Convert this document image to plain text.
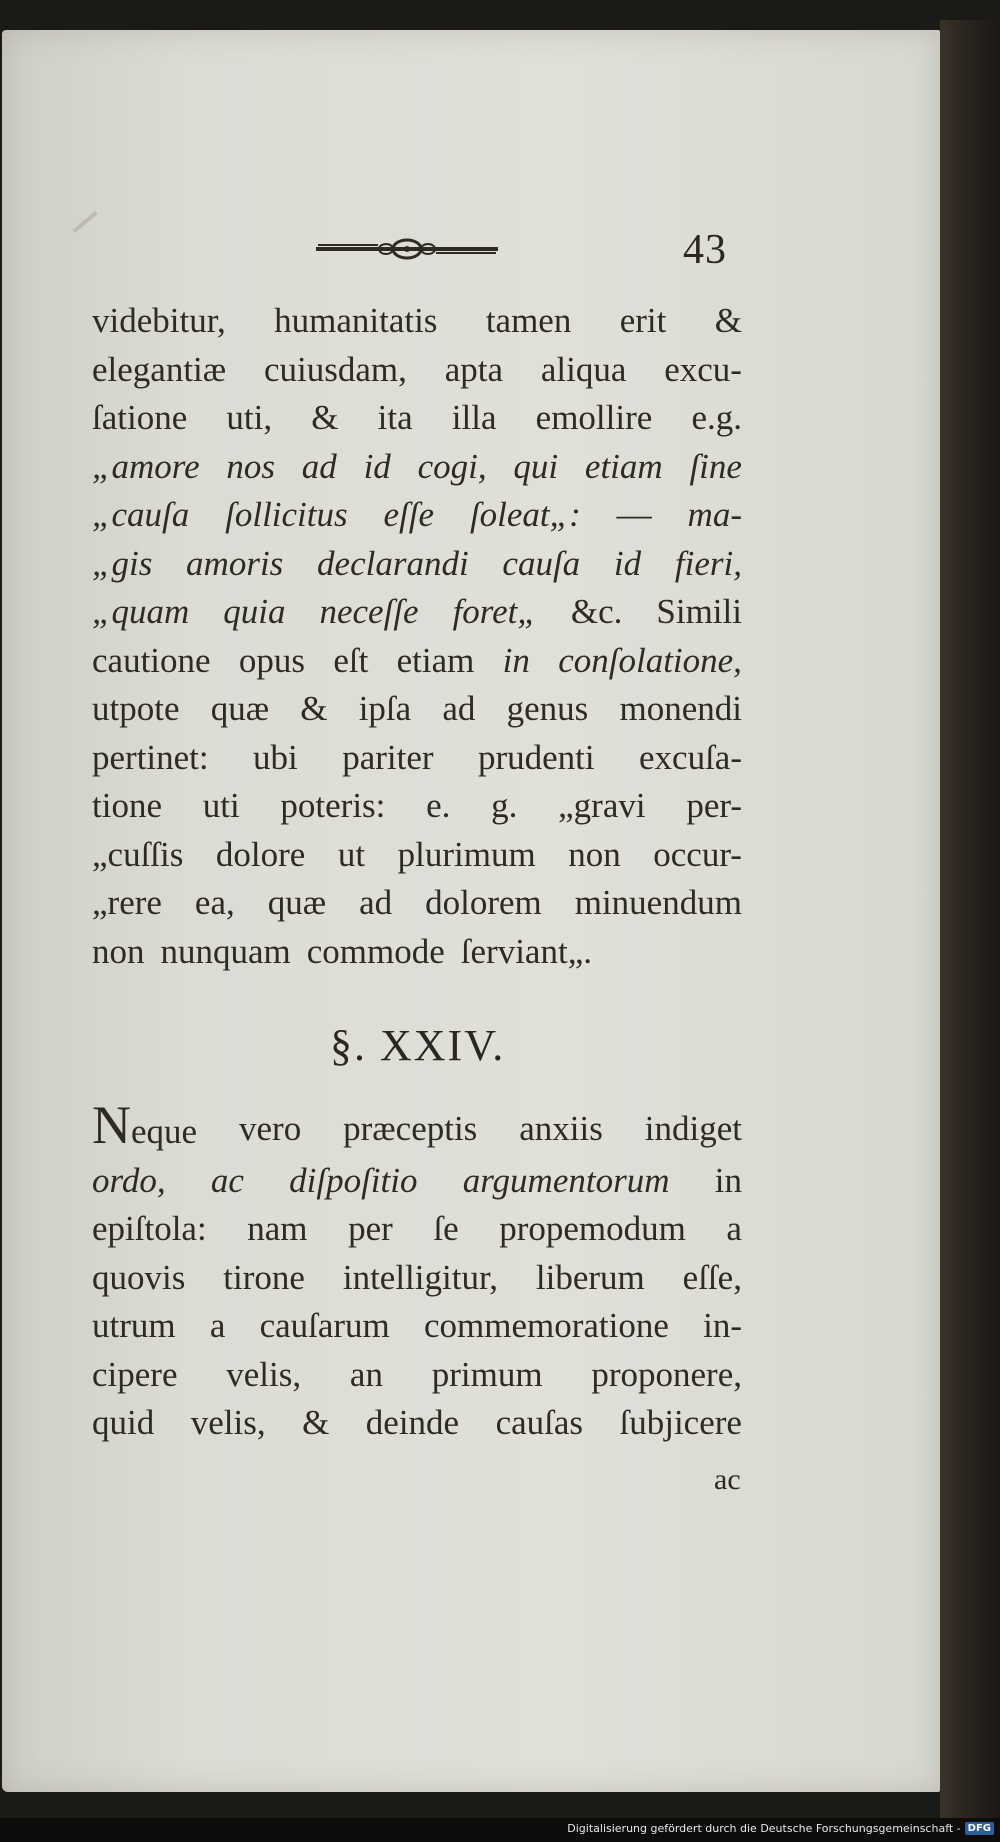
43
videbitur, humanitatis tamen erit &
elegantiæ cuiusdam, apta aliqua excu-
ſatione uti, & ita illa emollire e.g.
„amore nos ad id cogi, qui etiam ſine
„cauſa ſollicitus eſſe ſoleat„: — ma-
„gis amoris declarandi cauſa id fieri,
„quam quia neceſſe foret„ &c. Simili
cautione opus eſt etiam in conſolatione,
utpote quæ & ipſa ad genus monendi
pertinet: ubi pariter prudenti excuſa-
tione uti poteris: e. g. „gravi per-
„cuſſis dolore ut plurimum non occur-
„rere ea, quæ ad dolorem minuendum
non nunquam commode ſerviant„.
§. XXIV.
Neque vero præceptis anxiis indiget
ordo, ac diſpoſitio argumentorum in
epiſtola: nam per ſe propemodum a
quovis tirone intelligitur, liberum eſſe,
utrum a cauſarum commemoratione in-
cipere velis, an primum proponere,
quid velis, & deinde cauſas ſubjicere
ac
Digitalisierung gefördert durch die Deutsche Forschungsgemeinschaft - DFG
